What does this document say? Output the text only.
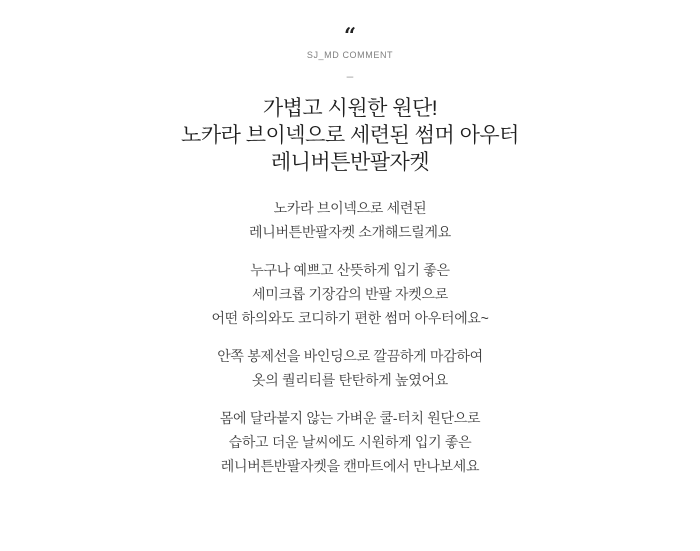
“
SJ_MD COMMENT
–
가볍고 시원한 원단!
노카라 브이넥으로 세련된 썸머 아우터
레니버튼반팔자켓

노카라 브이넥으로 세련된
레니버튼반팔자켓 소개해드릴게요

누구나 예쁘고 산뜻하게 입기 좋은
세미크롭 기장감의 반팔 자켓으로
어떤 하의와도 코디하기 편한 썸머 아우터에요~

안쪽 봉제선을 바인딩으로 깔끔하게 마감하여
옷의 퀄리티를 탄탄하게 높였어요

몸에 달라붙지 않는 가벼운 쿨-터치 원단으로
습하고 더운 날씨에도 시원하게 입기 좋은
레니버튼반팔자켓을 캔마트에서 만나보세요
